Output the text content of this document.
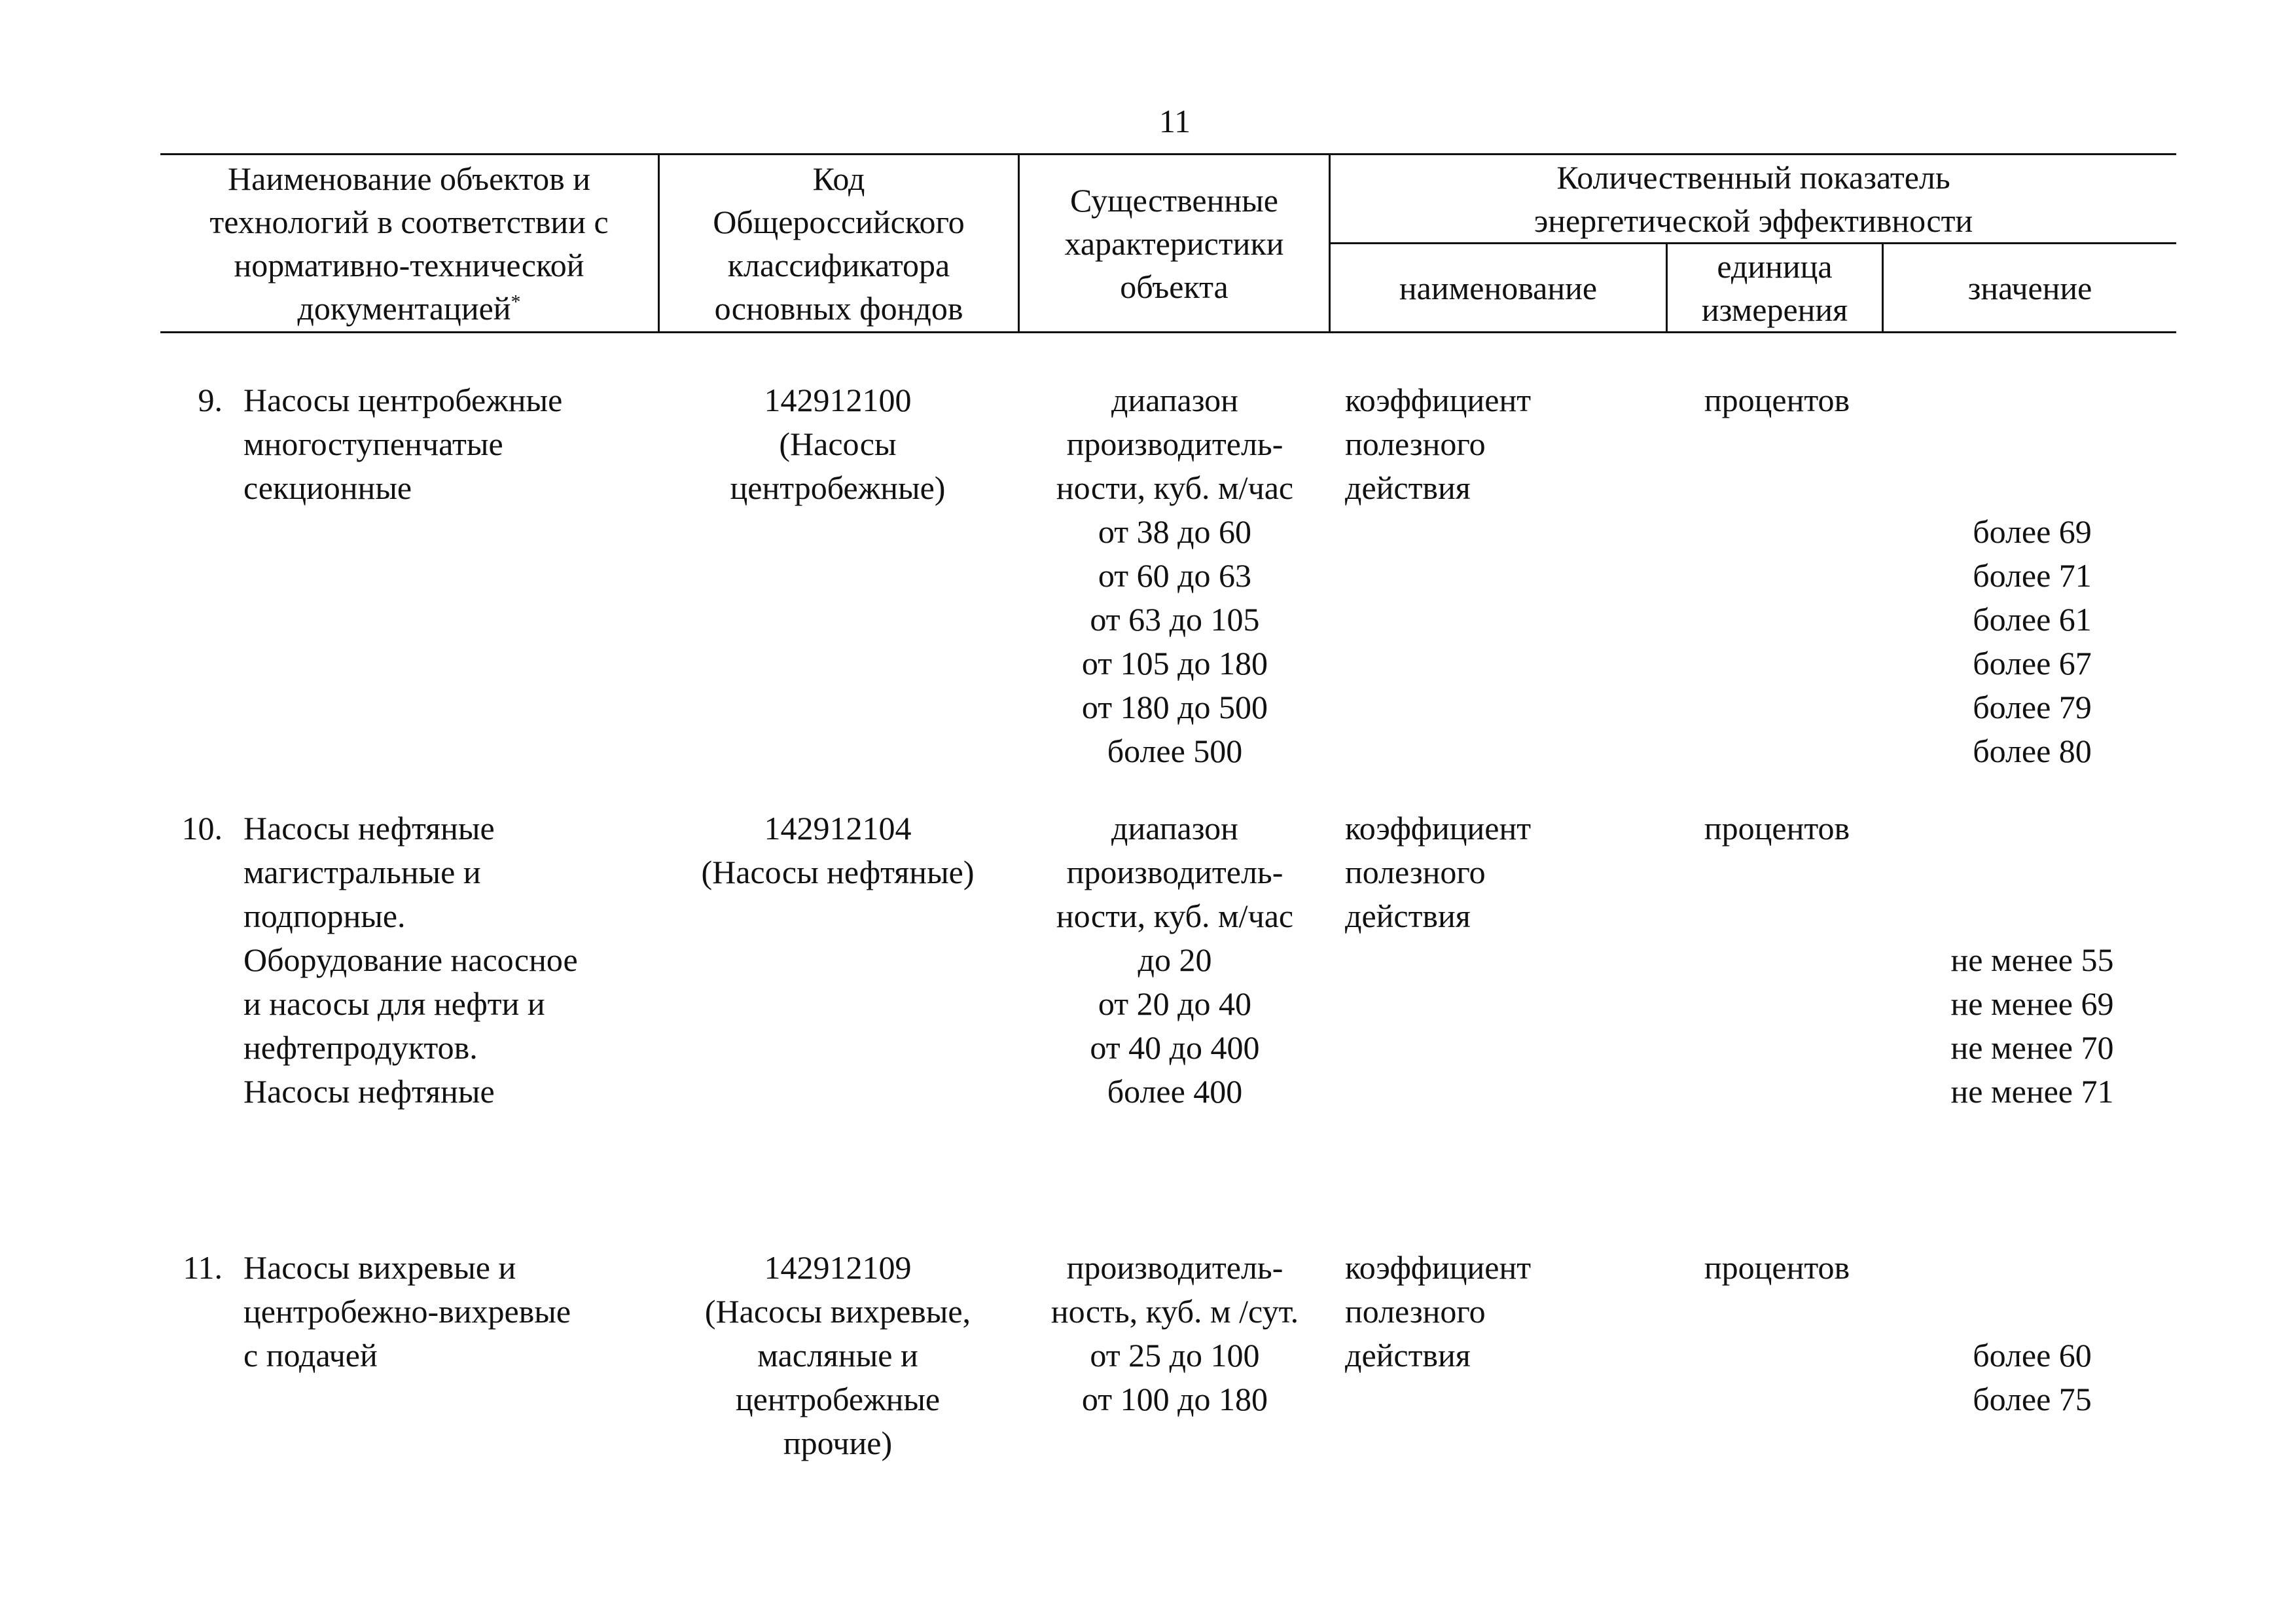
11
Наименование объектов и
технологий в соответствии с
нормативно-технической
документацией*
Код
Общероссийского
классификатора
основных фондов
Существенные
характеристики
объекта
Количественный показатель
энергетической эффективности
наименование
единица
измерения
значение
9. Насосы центробежные
многоступенчатые
секционные
142912100
(Насосы
центробежные)
диапазон
производитель-
ности, куб. м/час
от 38 до 60
от 60 до 63
от 63 до 105
от 105 до 180
от 180 до 500
более 500
коэффициент
полезного
действия
процентов
более 69
более 71
более 61
более 67
более 79
более 80
10. Насосы нефтяные
магистральные и
подпорные.
Оборудование насосное
и насосы для нефти и
нефтепродуктов.
Насосы нефтяные
142912104
(Насосы нефтяные)
диапазон
производитель-
ности, куб. м/час
до 20
от 20 до 40
от 40 до 400
более 400
коэффициент
полезного
действия
процентов
не менее 55
не менее 69
не менее 70
не менее 71
11. Насосы вихревые и
центробежно-вихревые
с подачей
142912109
(Насосы вихревые,
масляные и
центробежные
прочие)
производитель-
ность, куб. м /сут.
от 25 до 100
от 100 до 180
коэффициент
полезного
действия
процентов
более 60
более 75
